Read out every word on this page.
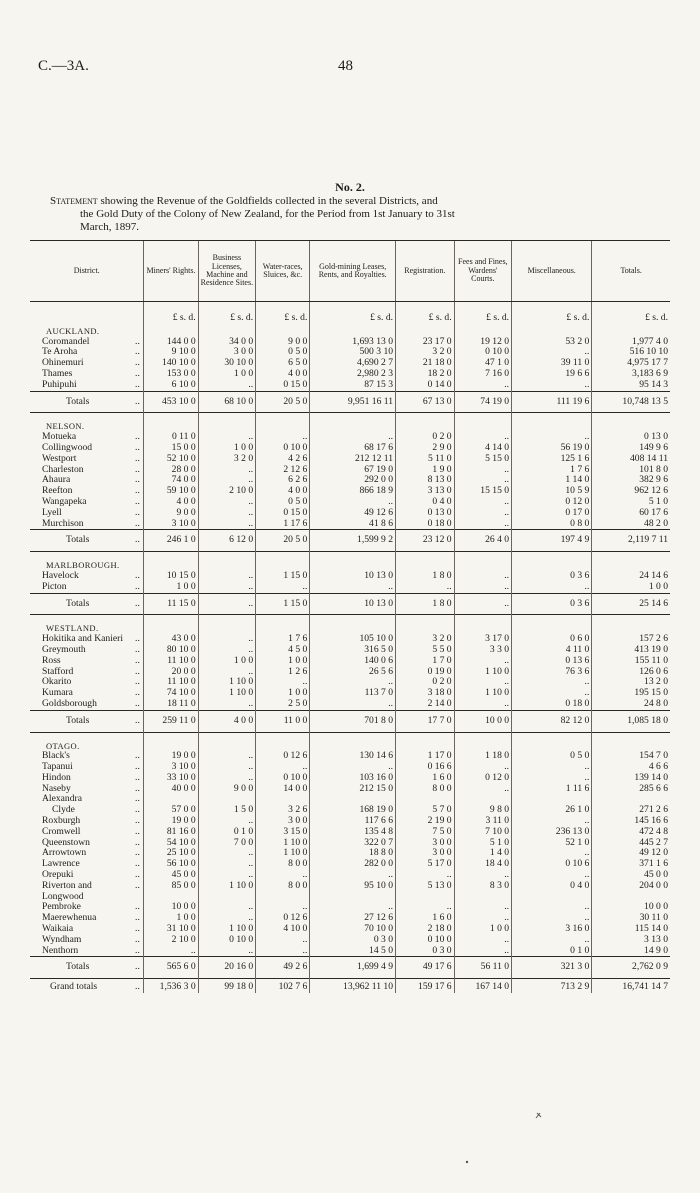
C.—3A.	48
No. 2.
Statement showing the Revenue of the Goldfields collected in the several Districts, and
the Gold Duty of the Colony of New Zealand, for the Period from 1st January to 31st
March, 1897.
District.		Miners' Rights.	Business Licenses, Machine and Residence Sites.	Water-races, Sluices, &c.	Gold-mining Leases, Rents, and Royalties.	Registration.	Fees and Fines, Wardens' Courts.	Miscellaneous.	Totals.
		£ s. d.	£ s. d.	£ s. d.	£ s. d.	£ s. d.	£ s. d.	£ s. d.	£ s. d.
AUCKLAND.									
Coromandel	..	144 0 0	34 0 0	9 0 0	1,693 13 0	23 17 0	19 12 0	53 2 0	1,977 4 0
Te Aroha	..	9 10 0	3 0 0	0 5 0	500 3 10	3 2 0	0 10 0	..	516 10 10
Ohinemuri	..	140 10 0	30 10 0	6 5 0	4,690 2 7	21 18 0	47 1 0	39 11 0	4,975 17 7
Thames	..	153 0 0	1 0 0	4 0 0	2,980 2 3	18 2 0	7 16 0	19 6 6	3,183 6 9
Puhipuhi	..	6 10 0	..	0 15 0	87 15 3	0 14 0	..	..	95 14 3
Totals	..	453 10 0	68 10 0	20 5 0	9,951 16 11	67 13 0	74 19 0	111 19 6	10,748 13 5

NELSON.									
Motueka	..	0 11 0	..	..	..	0 2 0	..	..	0 13 0
Collingwood	..	15 0 0	1 0 0	0 10 0	68 17 6	2 9 0	4 14 0	56 19 0	149 9 6
Westport	..	52 10 0	3 2 0	4 2 6	212 12 11	5 11 0	5 15 0	125 1 6	408 14 11
Charleston	..	28 0 0	..	2 12 6	67 19 0	1 9 0	..	1 7 6	101 8 0
Ahaura	..	74 0 0	..	6 2 6	292 0 0	8 13 0	..	1 14 0	382 9 6
Reefton	..	59 10 0	2 10 0	4 0 0	866 18 9	3 13 0	15 15 0	10 5 9	962 12 6
Wangapeka	..	4 0 0	..	0 5 0	..	0 4 0	..	0 12 0	5 1 0
Lyell	..	9 0 0	..	0 15 0	49 12 6	0 13 0	..	0 17 0	60 17 6
Murchison	..	3 10 0	..	1 17 6	41 8 6	0 18 0	..	0 8 0	48 2 0
Totals	..	246 1 0	6 12 0	20 5 0	1,599 9 2	23 12 0	26 4 0	197 4 9	2,119 7 11

MARLBOROUGH.									
Havelock	..	10 15 0	..	1 15 0	10 13 0	1 8 0	..	0 3 6	24 14 6
Picton	..	1 0 0	..	..	..	..	..	..	1 0 0
Totals	..	11 15 0	..	1 15 0	10 13 0	1 8 0	..	0 3 6	25 14 6

WESTLAND.									
Hokitika and Kanieri	..	43 0 0	..	1 7 6	105 10 0	3 2 0	3 17 0	0 6 0	157 2 6
Greymouth	..	80 10 0	..	4 5 0	316 5 0	5 5 0	3 3 0	4 11 0	413 19 0
Ross	..	11 10 0	1 0 0	1 0 0	140 0 6	1 7 0	..	0 13 6	155 11 0
Stafford	..	20 0 0	..	1 2 6	26 5 6	0 19 0	1 10 0	76 3 6	126 0 6
Okarito	..	11 10 0	1 10 0	..	..	0 2 0	..	..	13 2 0
Kumara	..	74 10 0	1 10 0	1 0 0	113 7 0	3 18 0	1 10 0	..	195 15 0
Goldsborough	..	18 11 0	..	2 5 0	..	2 14 0	..	0 18 0	24 8 0
Totals	..	259 11 0	4 0 0	11 0 0	701 8 0	17 7 0	10 0 0	82 12 0	1,085 18 0

OTAGO.									
Black's	..	19 0 0	..	0 12 6	130 14 6	1 17 0	1 18 0	0 5 0	154 7 0
Tapanui	..	3 10 0	..	..	..	0 16 6	..	..	4 6 6
Hindon	..	33 10 0	..	0 10 0	103 16 0	1 6 0	0 12 0	..	139 14 0
Naseby	..	40 0 0	9 0 0	14 0 0	212 15 0	8 0 0	..	1 11 6	285 6 6
Alexandra	..								
Clyde	..	57 0 0	1 5 0	3 2 6	168 19 0	5 7 0	9 8 0	26 1 0	271 2 6
Roxburgh	..	19 0 0	..	3 0 0	117 6 6	2 19 0	3 11 0	..	145 16 6
Cromwell	..	81 16 0	0 1 0	3 15 0	135 4 8	7 5 0	7 10 0	236 13 0	472 4 8
Queenstown	..	54 10 0	7 0 0	1 10 0	322 0 7	3 0 0	5 1 0	52 1 0	445 2 7
Arrowtown	..	25 10 0	..	1 10 0	18 8 0	3 0 0	1 4 0	..	49 12 0
Lawrence	..	56 10 0	..	8 0 0	282 0 0	5 17 0	18 4 0	0 10 6	371 1 6
Orepuki	..	45 0 0	..	..	..	..	..	..	45 0 0
Riverton and Longwood	..	85 0 0	1 10 0	8 0 0	95 10 0	5 13 0	8 3 0	0 4 0	204 0 0
Pembroke	..	10 0 0	..	..	..	..	..	..	10 0 0
Maerewhenua	..	1 0 0	..	0 12 6	27 12 6	1 6 0	..	..	30 11 0
Waikaia	..	31 10 0	1 10 0	4 10 0	70 10 0	2 18 0	1 0 0	3 16 0	115 14 0
Wyndham	..	2 10 0	0 10 0	..	0 3 0	0 10 0	..	..	3 13 0
Nenthorn	..	..	..	..	14 5 0	0 3 0	..	0 1 0	14 9 0
Totals	..	565 6 0	20 16 0	49 2 6	1,699 4 9	49 17 6	56 11 0	321 3 0	2,762 0 9

Grand totals	..	1,536 3 0	99 18 0	102 7 6	13,962 11 10	159 17 6	167 14 0	713 2 9	16,741 14 7
